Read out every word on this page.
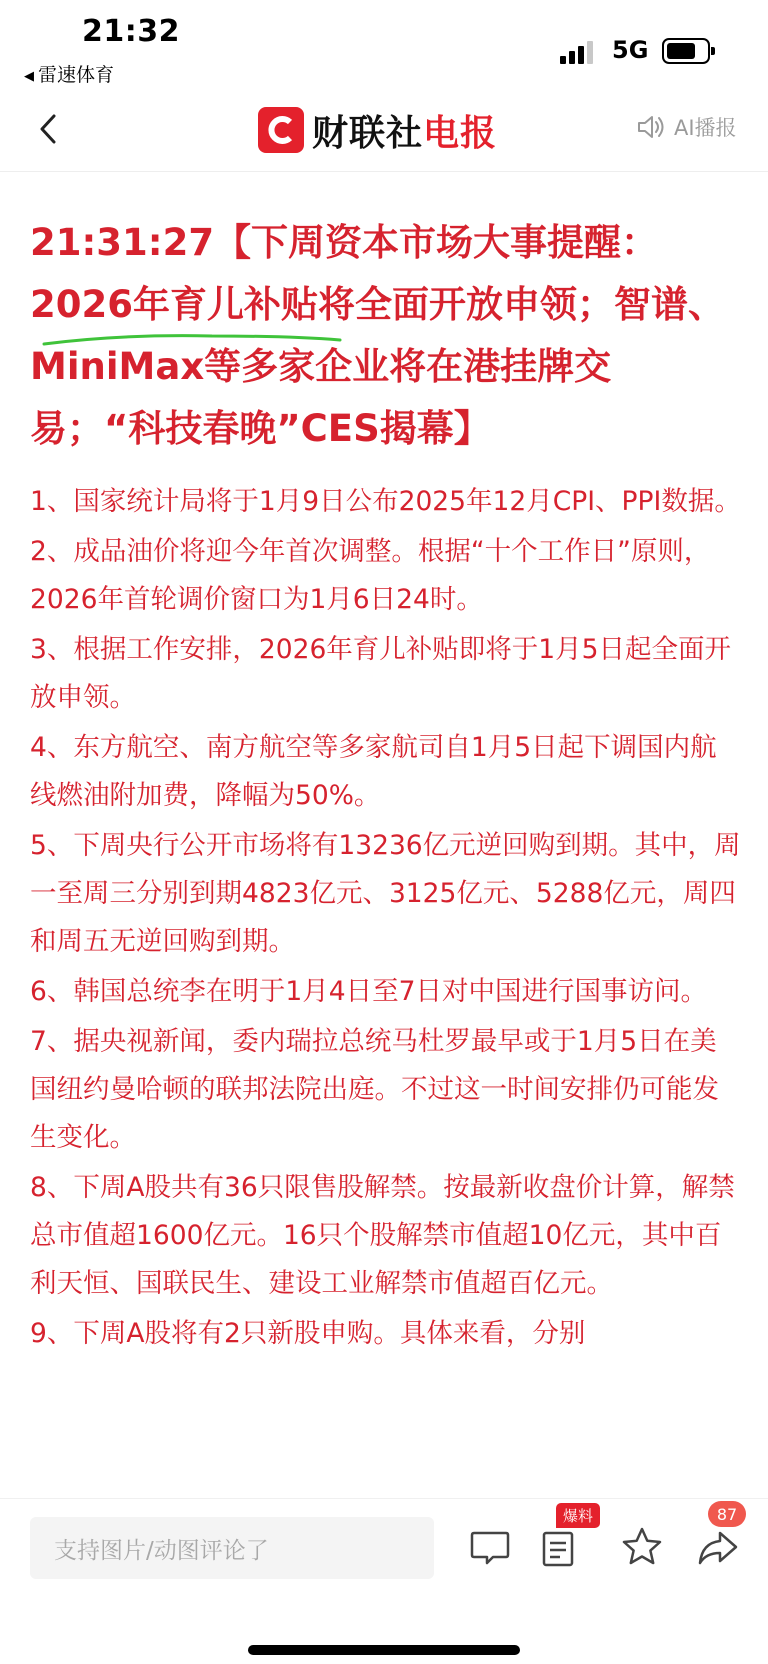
21:32
◀ 雷速体育
5G
财联社 电报	AI播报
21:31:27【下周资本市场大事提醒：2026年育儿补贴将全面开放申领；智谱、MiniMax等多家企业将在港挂牌交易；“科技春晚”CES揭幕】

1、国家统计局将于1月9日公布2025年12月CPI、PPI数据。

2、成品油价将迎今年首次调整。根据“十个工作日”原则，2026年首轮调价窗口为1月6日24时。

3、根据工作安排，2026年育儿补贴即将于1月5日起全面开放申领。

4、东方航空、南方航空等多家航司自1月5日起下调国内航线燃油附加费，降幅为50%。

5、下周央行公开市场将有13236亿元逆回购到期。其中，周一至周三分别到期4823亿元、3125亿元、5288亿元，周四和周五无逆回购到期。

6、韩国总统李在明于1月4日至7日对中国进行国事访问。

7、据央视新闻，委内瑞拉总统马杜罗最早或于1月5日在美国纽约曼哈顿的联邦法院出庭。不过这一时间安排仍可能发生变化。

8、下周A股共有36只限售股解禁。按最新收盘价计算，解禁总市值超1600亿元。16只个股解禁市值超10亿元，其中百利天恒、国联民生、建设工业解禁市值超百亿元。

9、下周A股将有2只新股申购。具体来看，分别

支持图片/动图评论了
爆料	87
